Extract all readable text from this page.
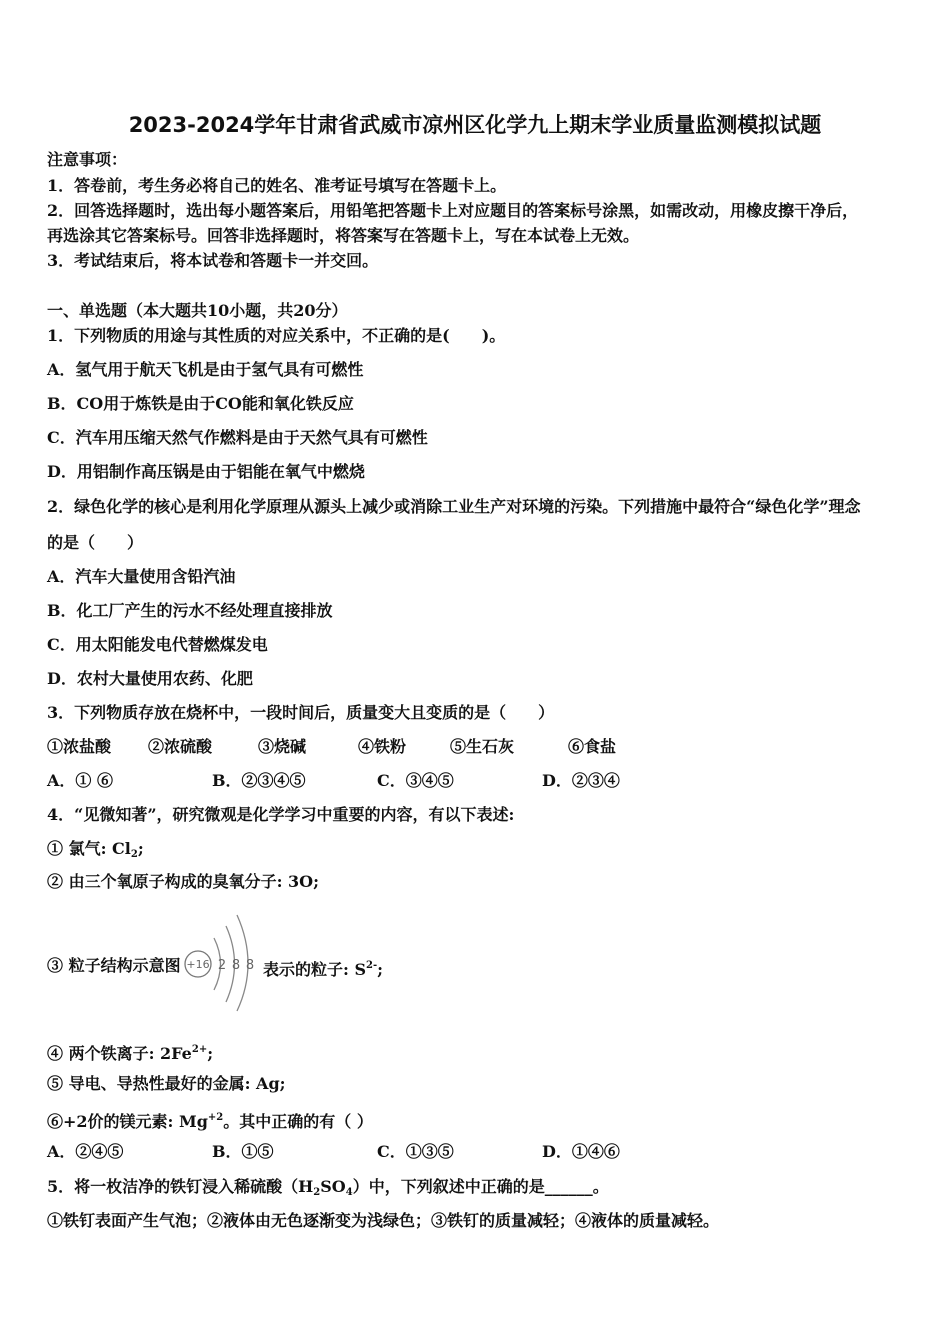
2023-2024学年甘肃省武威市凉州区化学九上期末学业质量监测模拟试题
注意事项：
1．答卷前，考生务必将自己的姓名、准考证号填写在答题卡上。
2．回答选择题时，选出每小题答案后，用铅笔把答题卡上对应题目的答案标号涂黑，如需改动，用橡皮擦干净后，
再选涂其它答案标号。回答非选择题时，将答案写在答题卡上，写在本试卷上无效。
3．考试结束后，将本试卷和答题卡一并交回。
一、单选题（本大题共10小题，共20分）
1．下列物质的用途与其性质的对应关系中，不正确的是(　　)。
A．氢气用于航天飞机是由于氢气具有可燃性
B．CO用于炼铁是由于CO能和氧化铁反应
C．汽车用压缩天然气作燃料是由于天然气具有可燃性
D．用铝制作高压锅是由于铝能在氧气中燃烧
2．绿色化学的核心是利用化学原理从源头上减少或消除工业生产对环境的污染。下列措施中最符合“绿色化学”理念
的是（　　）
A．汽车大量使用含铅汽油
B．化工厂产生的污水不经处理直接排放
C．用太阳能发电代替燃煤发电
D．农村大量使用农药、化肥
3．下列物质存放在烧杯中，一段时间后，质量变大且变质的是（　　）
①浓盐酸 ②浓硫酸	③烧碱	④铁粉	⑤生石灰	⑥食盐
A．① ⑥	B．②③④⑤	C．③④⑤	D．②③④
4．“见微知著”，研究微观是化学学习中重要的内容，有以下表述:
① 氯气: $Cl_2$;
② 由三个氧原子构成的臭氧分子: 3O;
③ 粒子结构示意图 +16 2 8 8 表示的粒子: $S^{2-}$;
④ 两个铁离子: $2Fe^{2+}$;
⑤ 导电、导热性最好的金属: Ag;
⑥+2价的镁元素: $Mg^{+2}$。其中正确的有（ ）
A．②④⑤	B．①⑤	C．①③⑤	D．①④⑥
5．将一枚洁净的铁钉浸入稀硫酸$(H_2SO_4)$中，下列叙述中正确的是______。
①铁钉表面产生气泡；②液体由无色逐渐变为浅绿色；③铁钉的质量减轻；④液体的质量减轻。
